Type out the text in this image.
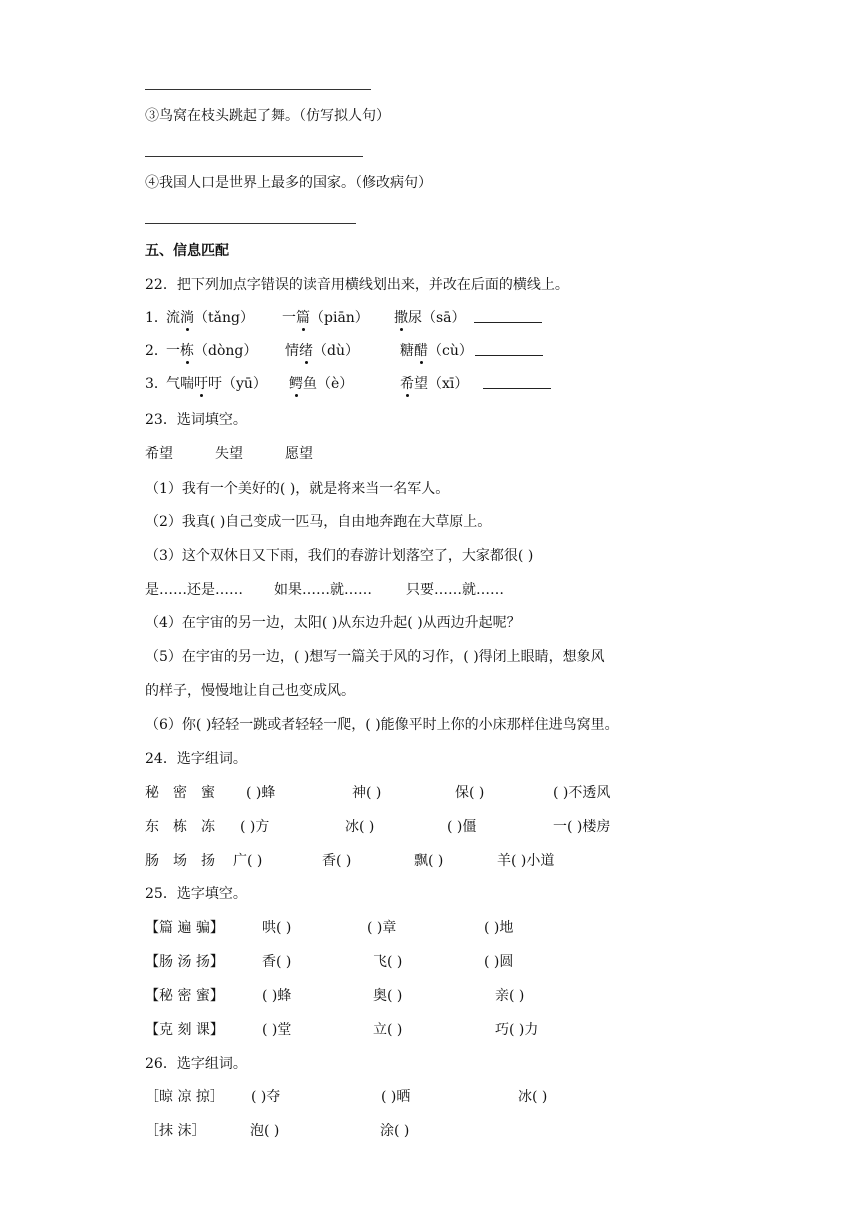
③鸟窝在枝头跳起了舞。（仿写拟人句）
④我国人口是世界上最多的国家。（修改病句）
五、信息匹配
22．把下列加点字错误的读音用横线划出来，并改在后面的横线上。
1．
流淌（tǎng） 一篇（piān） 撒尿（sā）
2．
一栋（dòng） 情绪（dù）	糖醋（cù）
3．
气喘吁吁（yū） 鳄鱼（è）	希望（xī）
23．选词填空。
希望	失望	愿望
（1）我有一个美好的( )，就是将来当一名军人。
（2）我真( )自己变成一匹马，自由地奔跑在大草原上。
（3）这个双休日又下雨，我们的春游计划落空了，大家都很( )
是……还是…… 如果……就…… 只要……就……
（4）在宇宙的另一边，太阳( )从东边升起( )从西边升起呢？
（5）在宇宙的另一边，( )想写一篇关于风的习作，( )得闭上眼睛，想象风
的样子，慢慢地让自己也变成风。
（6）你( )轻轻一跳或者轻轻一爬，( )能像平时上你的小床那样住进鸟窝里。
24．选字组词。
秘　密　蜜 ( )蜂	神( )	保( )	( )不透风
东　栋　冻 ( )方	冰( )	( )僵	一( )楼房
肠　场　扬 广( )	香( )	飘( )	羊( )小道
25．选字填空。
【篇 遍 骗】	哄( )	( )章	( )地
【肠 汤 扬】	香( )	飞( )	( )圆
【秘 密 蜜】	( )蜂	奥( )	亲( )
【克 刻 课】	( )堂	立( )	巧( )力
26．选字组词。
［晾 凉 掠］ ( )夺	( )晒	冰( )
［抹 沫］	泡( )	涂( )
